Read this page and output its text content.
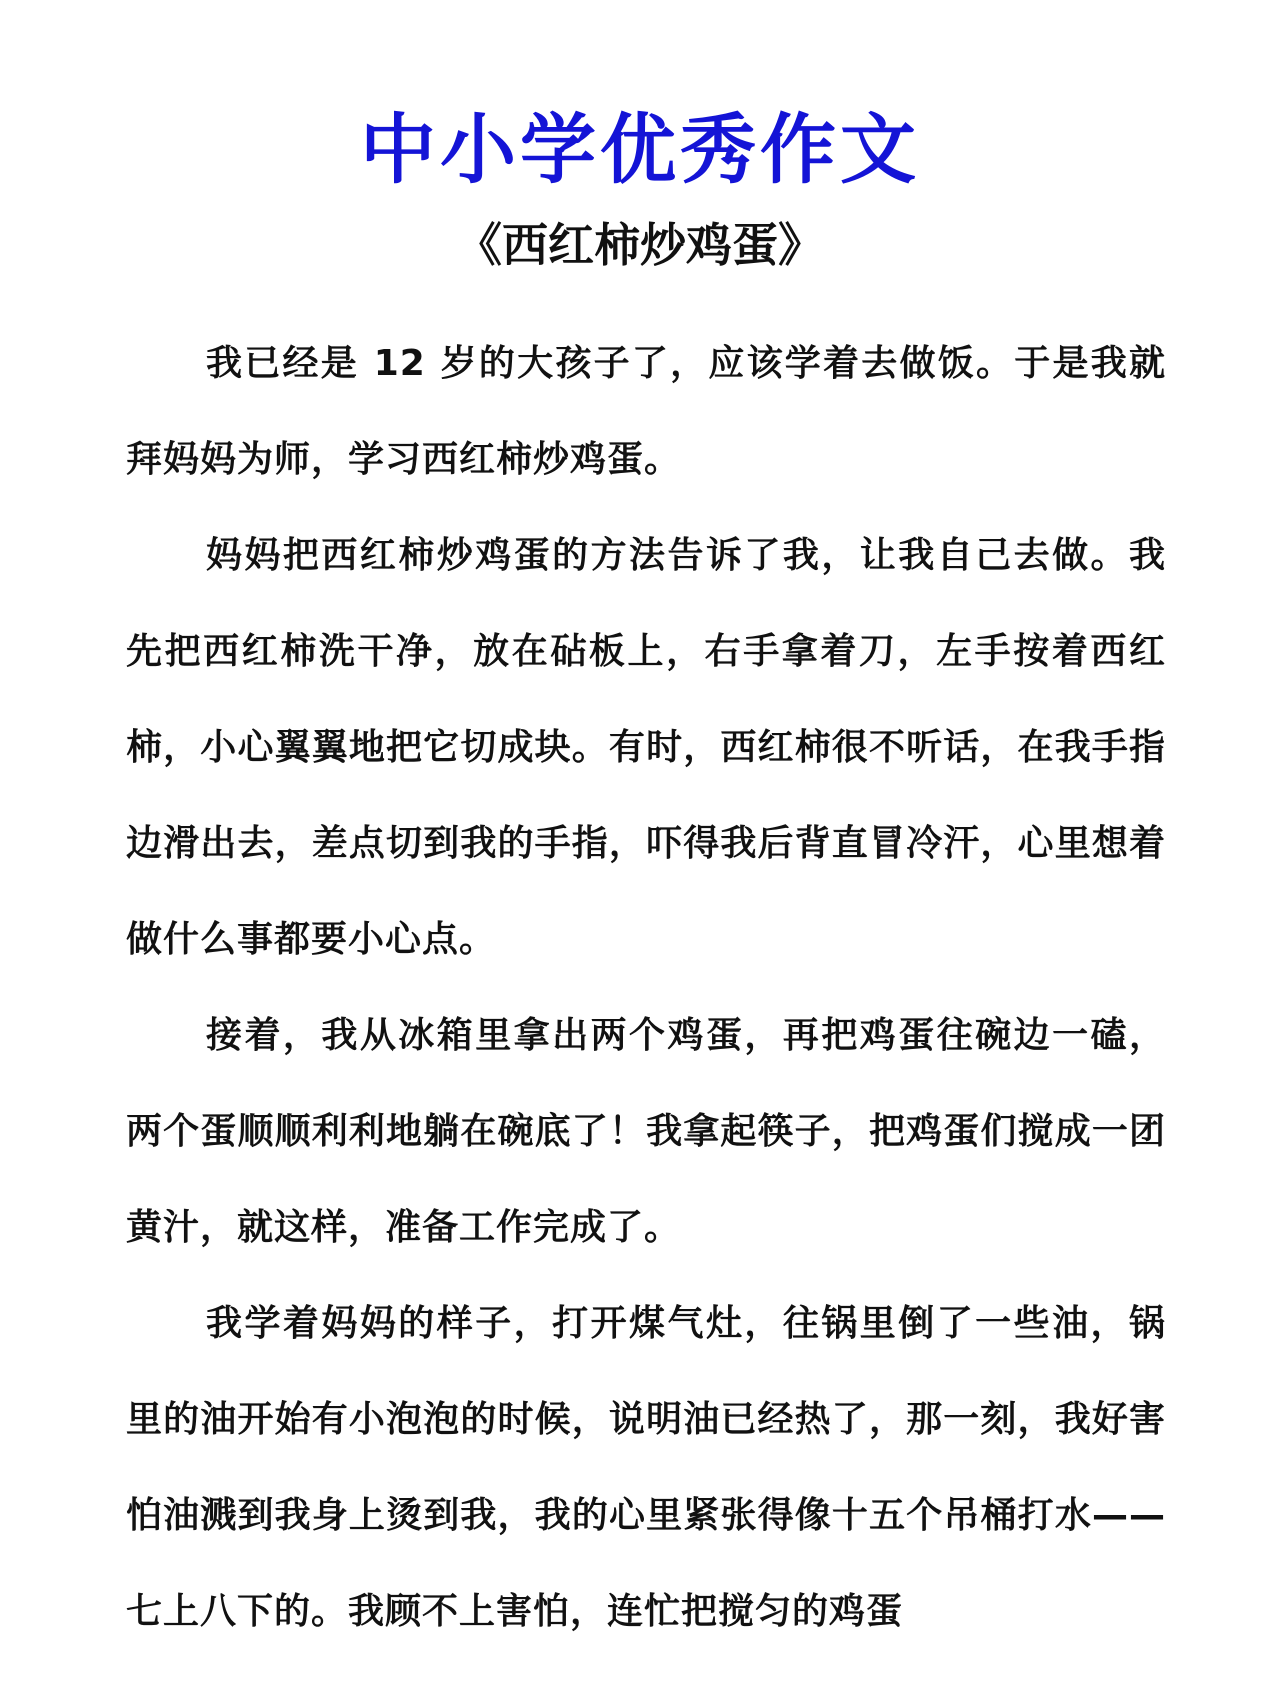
中小学优秀作文
《西红柿炒鸡蛋》

我已经是 12 岁的大孩子了，应该学着去做饭。于是我就拜妈妈为师，学习西红柿炒鸡蛋。

妈妈把西红柿炒鸡蛋的方法告诉了我，让我自己去做。我先把西红柿洗干净，放在砧板上，右手拿着刀，左手按着西红柿，小心翼翼地把它切成块。有时，西红柿很不听话，在我手指边滑出去，差点切到我的手指，吓得我后背直冒冷汗，心里想着做什么事都要小心点。

接着，我从冰箱里拿出两个鸡蛋，再把鸡蛋往碗边一磕，两个蛋顺顺利利地躺在碗底了！我拿起筷子，把鸡蛋们搅成一团黄汁，就这样，准备工作完成了。

我学着妈妈的样子，打开煤气灶，往锅里倒了一些油，锅里的油开始有小泡泡的时候，说明油已经热了，那一刻，我好害怕油溅到我身上烫到我，我的心里紧张得像十五个吊桶打水——七上八下的。我顾不上害怕，连忙把搅匀的鸡蛋
